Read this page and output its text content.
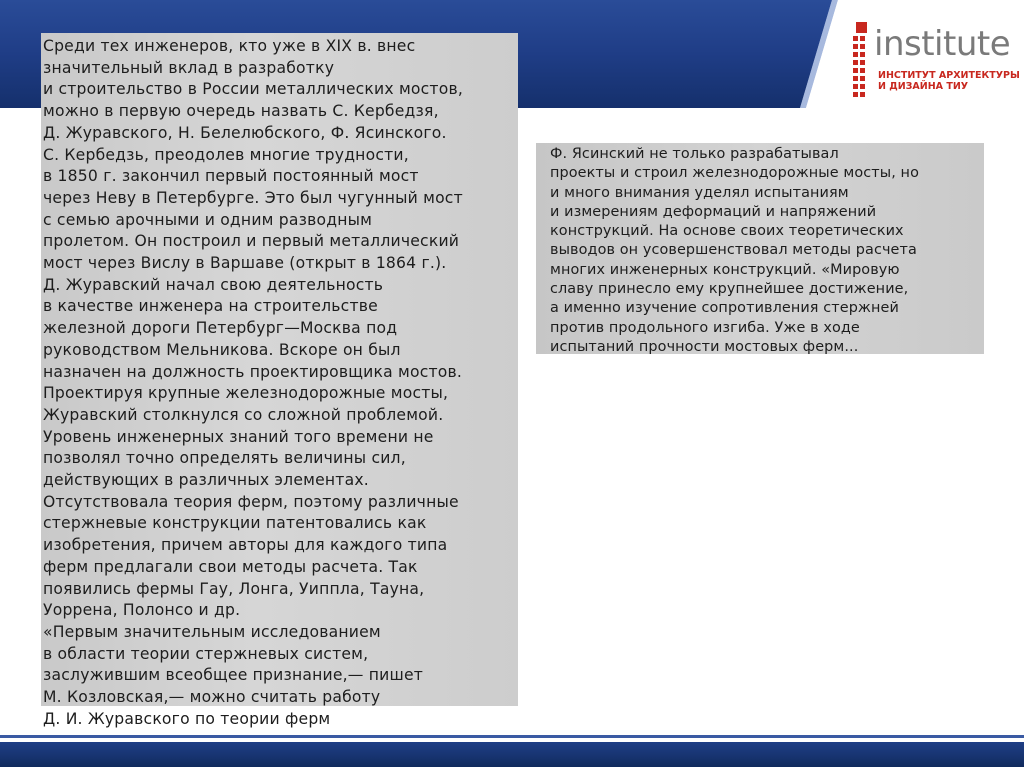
institute
ИНСТИТУТ АРХИТЕКТУРЫ
И ДИЗАЙНА ТИУ
Среди тех инженеров, кто уже в XIX в. внес
значительный вклад в разработку
и строительство в России металлических мостов,
можно в первую очередь назвать С. Кербедзя,
Д. Журавского, Н. Белелюбского, Ф. Ясинского.
С. Кербедзь, преодолев многие трудности,
в 1850 г. закончил первый постоянный мост
через Неву в Петербурге. Это был чугунный мост
с семью арочными и одним разводным
пролетом. Он построил и первый металлический
мост через Вислу в Варшаве (открыт в 1864 г.).
Д. Журавский начал свою деятельность
в качестве инженера на строительстве
железной дороги Петербург—Москва под
руководством Мельникова. Вскоре он был
назначен на должность проектировщика мостов.
Проектируя крупные железнодорожные мосты,
Журавский столкнулся со сложной проблемой.
Уровень инженерных знаний того времени не
позволял точно определять величины сил,
действующих в различных элементах.
Отсутствовала теория ферм, поэтому различные
стержневые конструкции патентовались как
изобретения, причем авторы для каждого типа
ферм предлагали свои методы расчета. Так
появились фермы Гау, Лонга, Уиппла, Тауна,
Уоррена, Полонсо и др.
«Первым значительным исследованием
в области теории стержневых систем,
заслужившим всеобщее признание,— пишет
М. Козловская,— можно считать работу
Д. И. Журавского по теории ферм
Ф. Ясинский не только разрабатывал
проекты и строил железнодорожные мосты, но
и много внимания уделял испытаниям
и измерениям деформаций и напряжений
конструкций. На основе своих теоретических
выводов он усовершенствовал методы расчета
многих инженерных конструкций. «Мировую
славу принесло ему крупнейшее достижение,
а именно изучение сопротивления стержней
против продольного изгиба. Уже в ходе
испытаний прочности мостовых ферм...
